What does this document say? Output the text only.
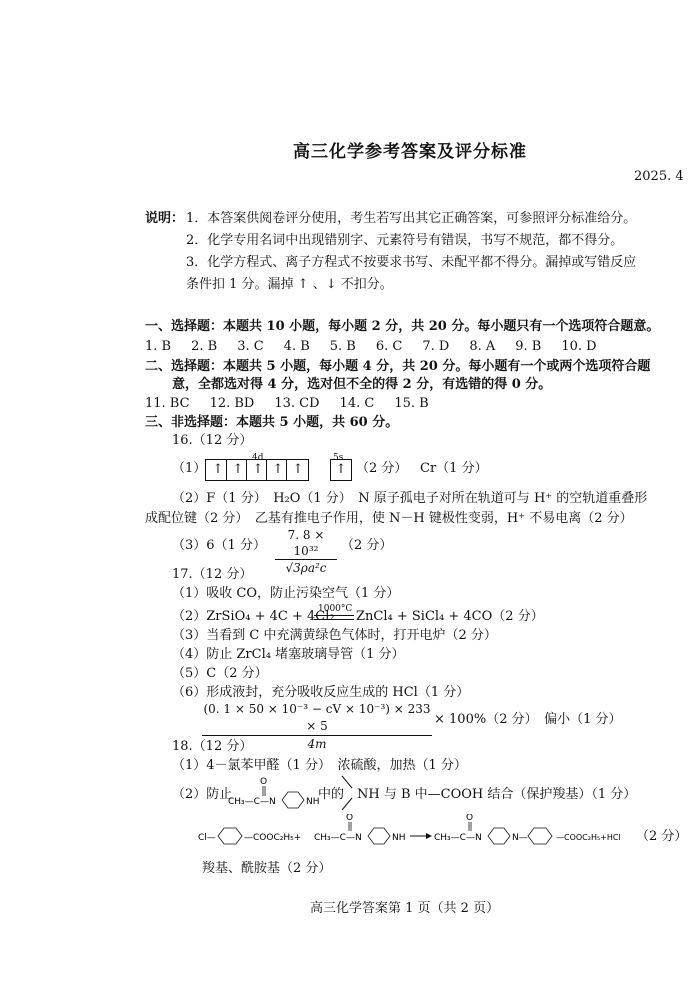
高三化学参考答案及评分标准
2025. 4
说明： 1．本答案供阅卷评分使用，考生若写出其它正确答案，可参照评分标准给分。
2．化学专用名词中出现错别字、元素符号有错误，书写不规范，都不得分。
3．化学方程式、离子方程式不按要求书写、未配平都不得分。漏掉或写错反应
条件扣 1 分。漏掉 ↑ 、↓ 不扣分。
一、选择题：本题共 10 小题，每小题 2 分，共 20 分。每小题只有一个选项符合题意。
1. B 2. B 3. C 4. B 5. B 6. C 7. D 8. A 9. B 10. D
二、选择题：本题共 5 小题，每小题 4 分，共 20 分。每小题有一个或两个选项符合题
意，全都选对得 4 分，选对但不全的得 2 分，有选错的得 0 分。
11. BC 12. BD 13. CD 14. C 15. B
三、非选择题：本题共 5 小题，共 60 分。
16.（12 分）
4d	5s
（1） ↑ ↑ ↑ ↑ ↑ ↑ （2 分） Cr（1 分）
（2）F（1 分）　H₂O（1 分）　N 原子孤电子对所在轨道可与 H⁺ 的空轨道重叠形
成配位键（2 分）　乙基有推电子作用，使 N－H 键极性变弱，H⁺ 不易电离（2 分）
（3）6（1 分）
7. 8 × 10³²
√3ρa²c
（2 分）
17.（12 分）
（1）吸收 CO，防止污染空气（1 分）
（2）ZrSiO₄ + 4C + 4Cl₂
1000°C ZnCl₄ + SiCl₄ + 4CO（2 分）
（3）当看到 C 中充满黄绿色气体时，打开电炉（2 分）
（4）防止 ZrCl₄ 堵塞玻璃导管（1 分）
（5）C（2 分）
（6）形成液封，充分吸收反应生成的 HCl（1 分）
(0. 1 × 50 × 10⁻³ − cV × 10⁻³) × 233 × 5
4m
× 100%（2 分）　偏小（1 分）
18.（12 分）
（1）4－氯苯甲醛（1 分）　浓硫酸，加热（1 分）
（2）防止
O
CH₃—C—N	NH
中的 NH 与 B 中—COOH 结合（保护羧基）（1 分）
Cl—	—COOC₂H₅+
O
CH₃—C—N	NH
O
CH₃—C—N	N—	—COOC₂H₅+HCl （2 分）
羧基、酰胺基（2 分）
高三化学答案第 1 页（共 2 页）
